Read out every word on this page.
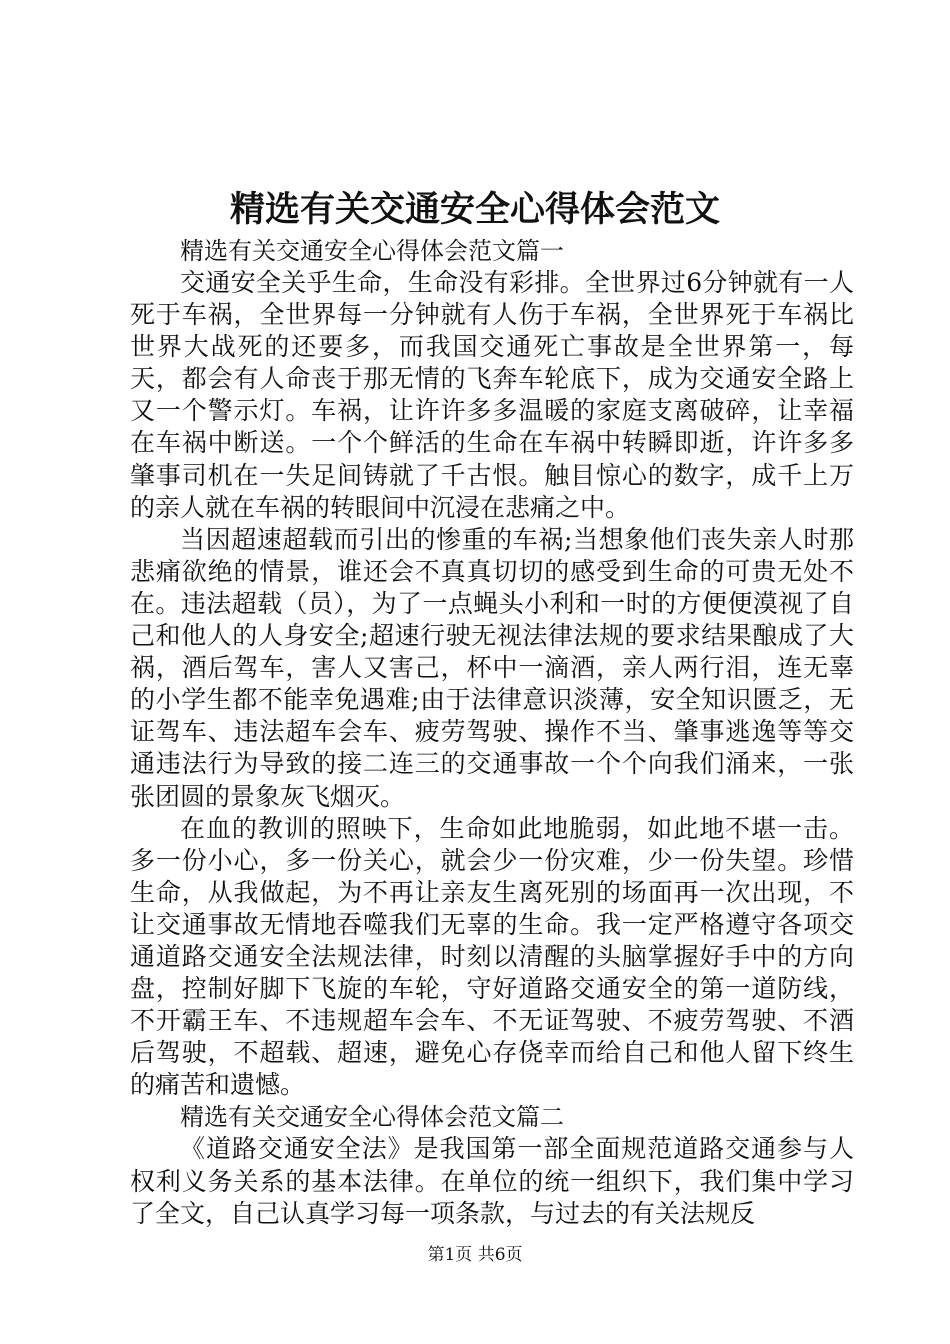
精选有关交通安全心得体会范文

精选有关交通安全心得体会范文篇一

交通安全关乎生命，生命没有彩排。全世界过6分钟就有一人死于车祸，全世界每一分钟就有人伤于车祸，全世界死于车祸比世界大战死的还要多，而我国交通死亡事故是全世界第一，每天，都会有人命丧于那无情的飞奔车轮底下，成为交通安全路上又一个警示灯。车祸，让许许多多温暖的家庭支离破碎，让幸福在车祸中断送。一个个鲜活的生命在车祸中转瞬即逝，许许多多肇事司机在一失足间铸就了千古恨。触目惊心的数字，成千上万的亲人就在车祸的转眼间中沉浸在悲痛之中。

当因超速超载而引出的惨重的车祸;当想象他们丧失亲人时那悲痛欲绝的情景，谁还会不真真切切的感受到生命的可贵无处不在。违法超载（员），为了一点蝇头小利和一时的方便便漠视了自己和他人的人身安全;超速行驶无视法律法规的要求结果酿成了大祸，酒后驾车，害人又害己，杯中一滴酒，亲人两行泪，连无辜的小学生都不能幸免遇难;由于法律意识淡薄，安全知识匮乏，无证驾车、违法超车会车、疲劳驾驶、操作不当、肇事逃逸等等交通违法行为导致的接二连三的交通事故一个个向我们涌来，一张张团圆的景象灰飞烟灭。

在血的教训的照映下，生命如此地脆弱，如此地不堪一击。多一份小心，多一份关心，就会少一份灾难，少一份失望。珍惜生命，从我做起，为不再让亲友生离死别的场面再一次出现，不让交通事故无情地吞噬我们无辜的生命。我一定严格遵守各项交通道路交通安全法规法律，时刻以清醒的头脑掌握好手中的方向盘，控制好脚下飞旋的车轮，守好道路交通安全的第一道防线，不开霸王车、不违规超车会车、不无证驾驶、不疲劳驾驶、不酒后驾驶，不超载、超速，避免心存侥幸而给自己和他人留下终生的痛苦和遗憾。

精选有关交通安全心得体会范文篇二

《道路交通安全法》是我国第一部全面规范道路交通参与人权利义务关系的基本法律。在单位的统一组织下，我们集中学习了全文，自己认真学习每一项条款，与过去的有关法规反

第1页 共6页
